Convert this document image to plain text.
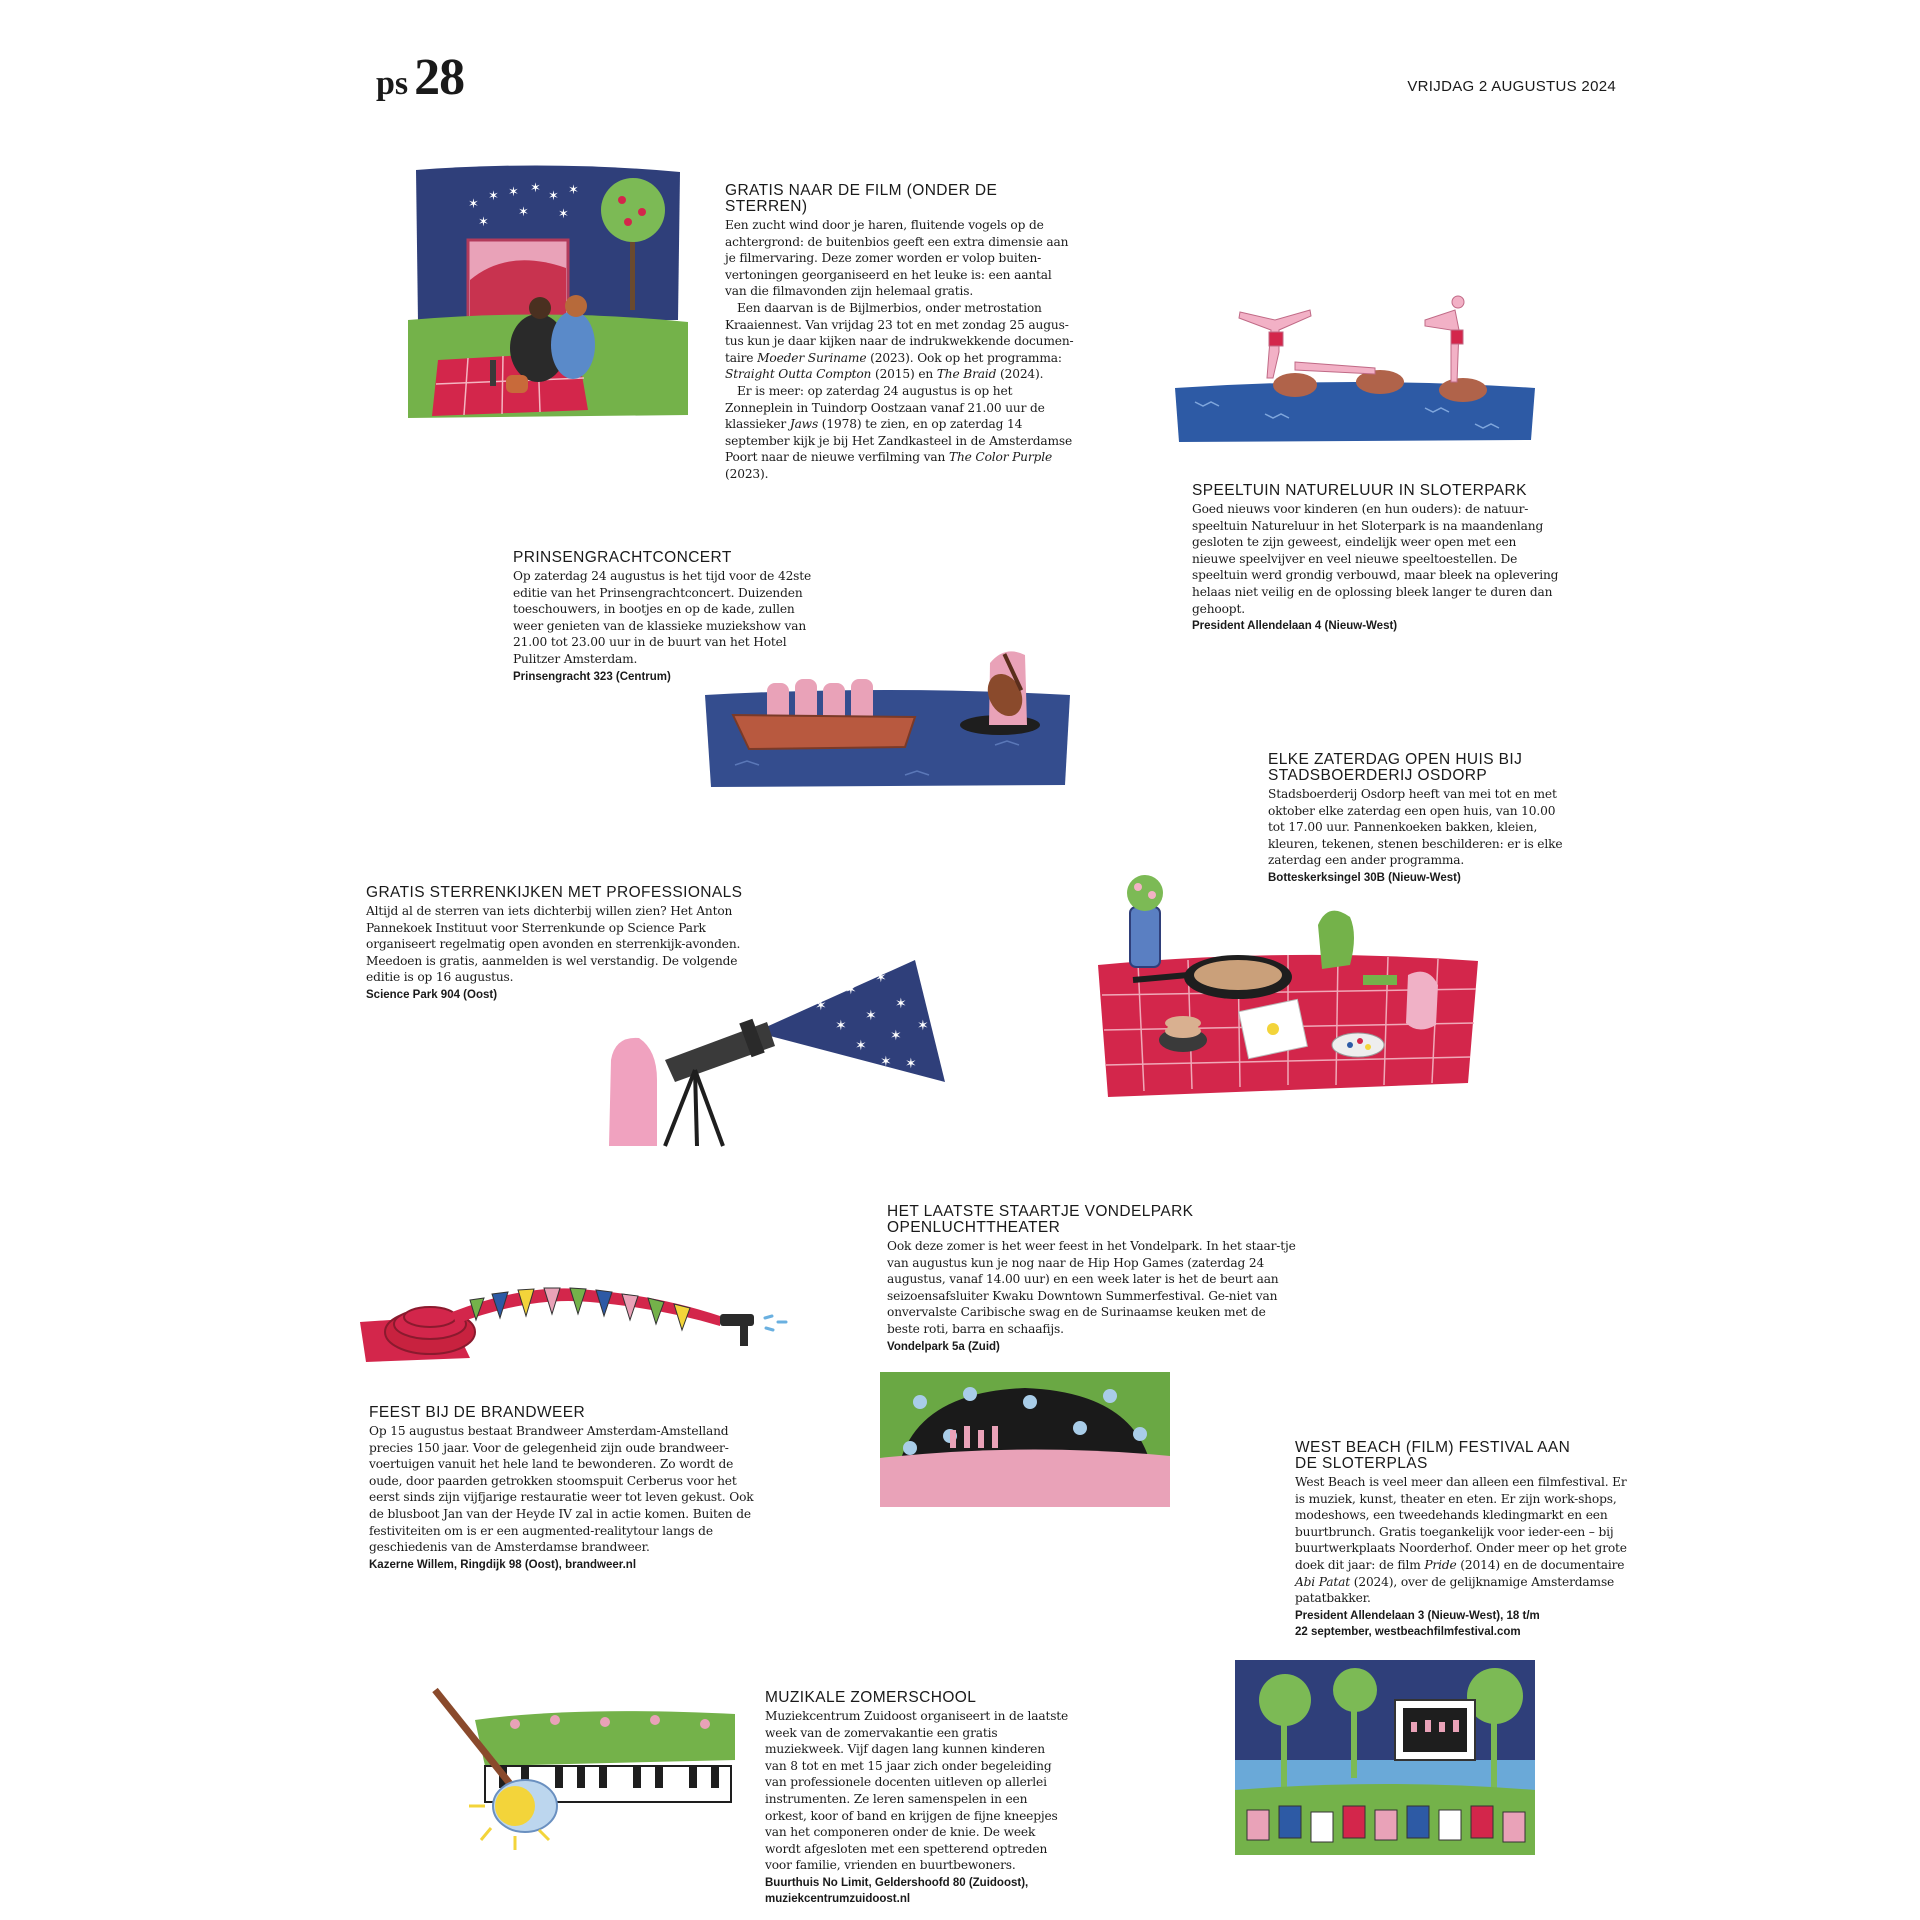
ps 28	VRIJDAG 2 AUGUSTUS 2024
✶
✶ ✶ ✶
✶ ✶
✶ ✶
✶
✶
✶
✶
✶
✶
✶
✶
✶
✶
✶
✶
✶
GRATIS NAAR DE FILM (ONDER DE STERREN)

Een zucht wind door je haren, fluitende vogels op de achtergrond: de buitenbios geeft een extra dimensie aan je filmervaring. Deze zomer worden er volop buiten-vertoningen georganiseerd en het leuke is: een aantal van die filmavonden zijn helemaal gratis.

Een daarvan is de Bijlmerbios, onder metrostation Kraaiennest. Van vrijdag 23 tot en met zondag 25 augus-tus kun je daar kijken naar de indrukwekkende documen-taire Moeder Suriname (2023). Ook op het programma: Straight Outta Compton (2015) en The Braid (2024).

Er is meer: op zaterdag 24 augustus is op het Zonneplein in Tuindorp Oostzaan vanaf 21.00 uur de klassieker Jaws (1978) te zien, en op zaterdag 14 september kijk je bij Het Zandkasteel in de Amsterdamse Poort naar de nieuwe verfilming van The Color Purple (2023).

SPEELTUIN NATURELUUR IN SLOTERPARK

Goed nieuws voor kinderen (en hun ouders): de natuur-speeltuin Natureluur in het Sloterpark is na maandenlang gesloten te zijn geweest, eindelijk weer open met een nieuwe speelvijver en veel nieuwe speeltoestellen. De speeltuin werd grondig verbouwd, maar bleek na oplevering helaas niet veilig en de oplossing bleek langer te duren dan gehoopt.

President Allendelaan 4 (Nieuw-West)
PRINSENGRACHTCONCERT

Op zaterdag 24 augustus is het tijd voor de 42ste editie van het Prinsengrachtconcert. Duizenden toeschouwers, in bootjes en op de kade, zullen weer genieten van de klassieke muziekshow van 21.00 tot 23.00 uur in de buurt van het Hotel Pulitzer Amsterdam.

Prinsengracht 323 (Centrum)
ELKE ZATERDAG OPEN HUIS BIJ STADSBOERDERIJ OSDORP

Stadsboerderij Osdorp heeft van mei tot en met oktober elke zaterdag een open huis, van 10.00 tot 17.00 uur. Pannenkoeken bakken, kleien, kleuren, tekenen, stenen beschilderen: er is elke zaterdag een ander programma.

Botteskerksingel 30B (Nieuw-West)
GRATIS STERRENKIJKEN MET PROFESSIONALS

Altijd al de sterren van iets dichterbij willen zien? Het Anton Pannekoek Instituut voor Sterrenkunde op Science Park organiseert regelmatig open avonden en sterrenkijk-avonden. Meedoen is gratis, aanmelden is wel verstandig. De volgende editie is op 16 augustus.

Science Park 904 (Oost)
HET LAATSTE STAARTJE VONDELPARK OPENLUCHTTHEATER

Ook deze zomer is het weer feest in het Vondelpark. In het staar-tje van augustus kun je nog naar de Hip Hop Games (zaterdag 24 augustus, vanaf 14.00 uur) en een week later is het de beurt aan seizoensafsluiter Kwaku Downtown Summerfestival. Ge-niet van onvervalste Caribische swag en de Surinaamse keuken met de beste roti, barra en schaafijs.

Vondelpark 5a (Zuid)
FEEST BIJ DE BRANDWEER

Op 15 augustus bestaat Brandweer Amsterdam-Amstelland precies 150 jaar. Voor de gelegenheid zijn oude brandweer-voertuigen vanuit het hele land te bewonderen. Zo wordt de oude, door paarden getrokken stoomspuit Cerberus voor het eerst sinds zijn vijfjarige restauratie weer tot leven gekust. Ook de blusboot Jan van der Heyde IV zal in actie komen. Buiten de festiviteiten om is er een augmented-realitytour langs de geschiedenis van de Amsterdamse brandweer.

Kazerne Willem, Ringdijk 98 (Oost), brandweer.nl
WEST BEACH (FILM) FESTIVAL AAN DE SLOTERPLAS

West Beach is veel meer dan alleen een filmfestival. Er is muziek, kunst, theater en eten. Er zijn work-shops, modeshows, een tweedehands kledingmarkt en een buurtbrunch. Gratis toegankelijk voor ieder-een – bij buurtwerkplaats Noorderhof. Onder meer op het grote doek dit jaar: de film Pride (2014) en de documentaire Abi Patat (2024), over de gelijknamige Amsterdamse patatbakker.

President Allendelaan 3 (Nieuw-West), 18 t/m
22 september, westbeachfilmfestival.com
MUZIKALE ZOMERSCHOOL

Muziekcentrum Zuidoost organiseert in de laatste week van de zomervakantie een gratis muziekweek. Vijf dagen lang kunnen kinderen van 8 tot en met 15 jaar zich onder begeleiding van professionele docenten uitleven op allerlei instrumenten. Ze leren samenspelen in een orkest, koor of band en krijgen de fijne kneepjes van het componeren onder de knie. De week wordt afgesloten met een spetterend optreden voor familie, vrienden en buurtbewoners.

Buurthuis No Limit, Geldershoofd 80 (Zuidoost),
muziekcentrumzuidoost.nl
